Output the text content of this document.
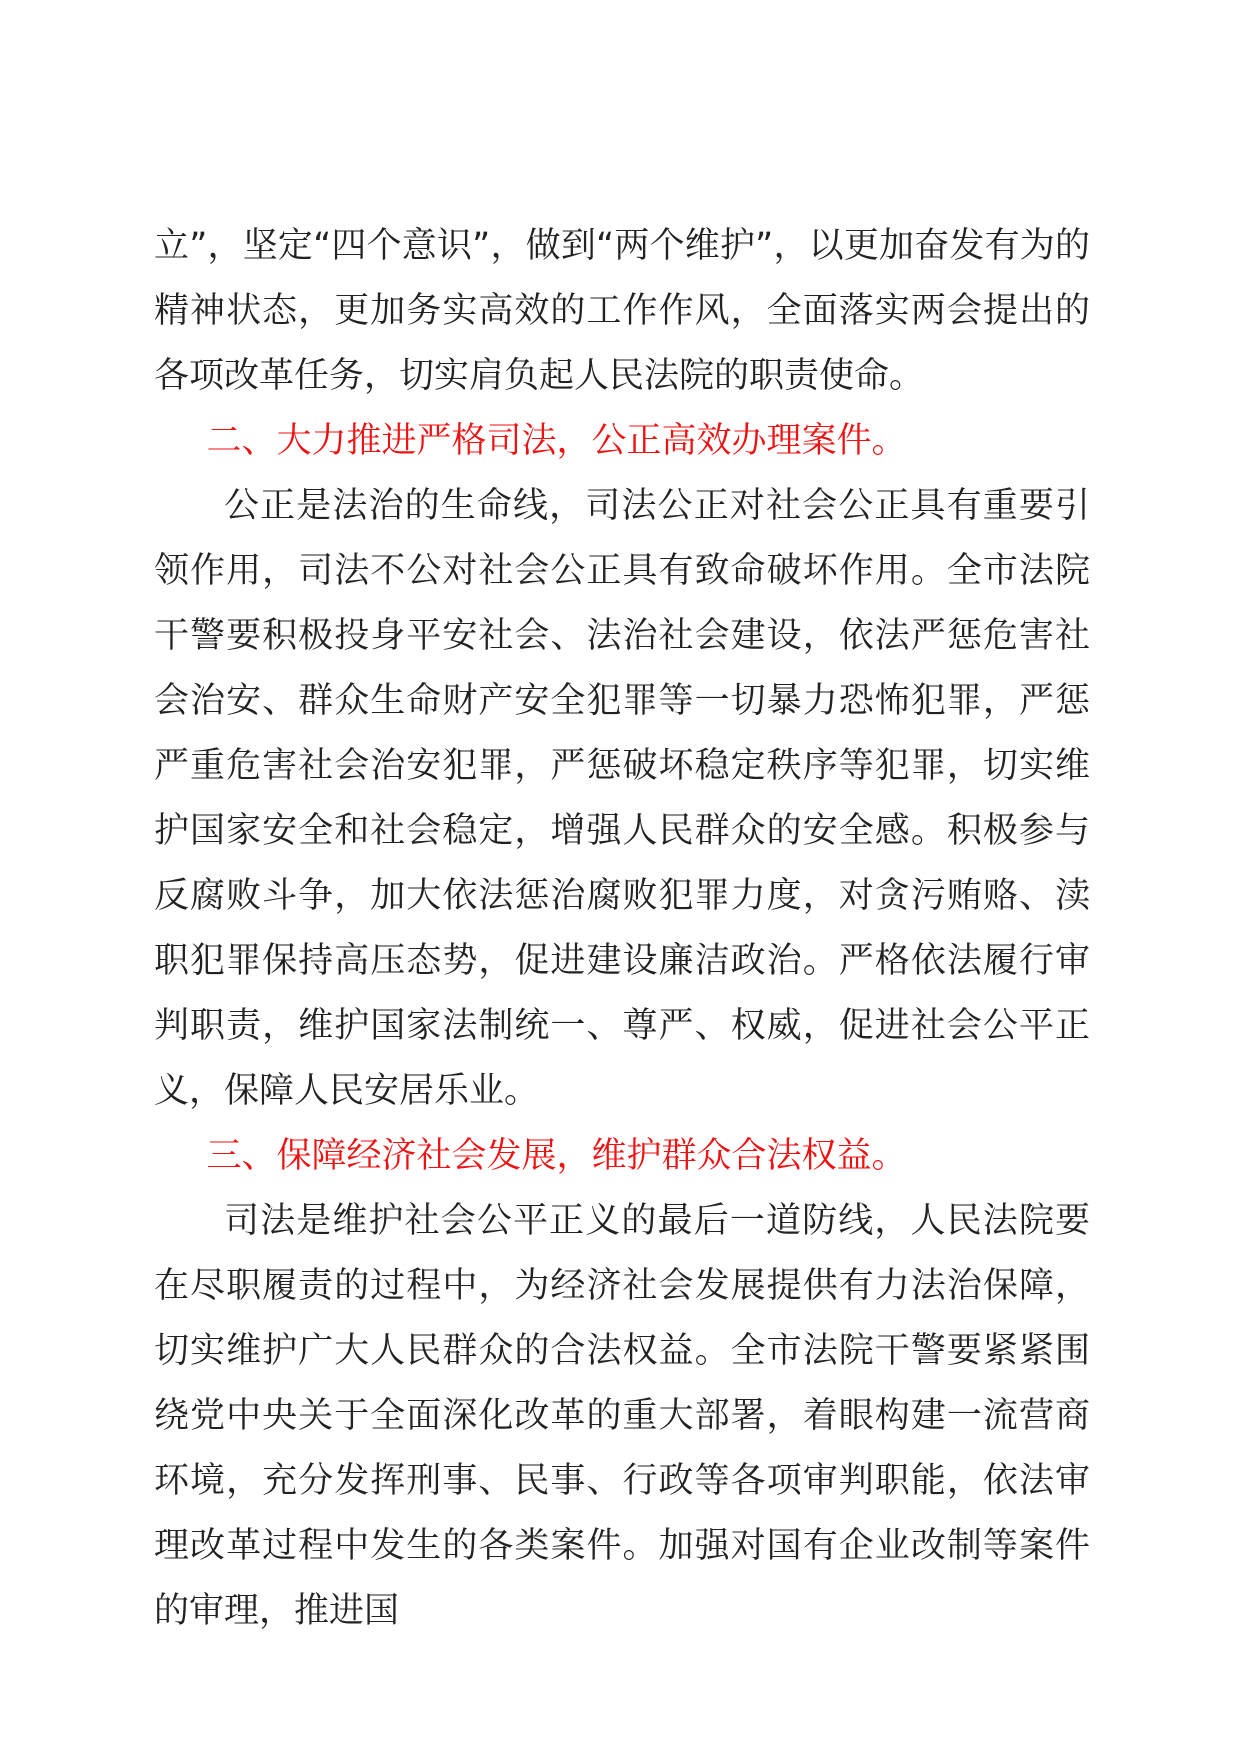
立”，坚定“四个意识”，做到“两个维护”，以更加奋发有为的精神状态，更加务实高效的工作作风，全面落实两会提出的各项改革任务，切实肩负起人民法院的职责使命。

二、大力推进严格司法，公正高效办理案件。

公正是法治的生命线，司法公正对社会公正具有重要引领作用，司法不公对社会公正具有致命破坏作用。全市法院干警要积极投身平安社会、法治社会建设，依法严惩危害社会治安、群众生命财产安全犯罪等一切暴力恐怖犯罪，严惩严重危害社会治安犯罪，严惩破坏稳定秩序等犯罪，切实维护国家安全和社会稳定，增强人民群众的安全感。积极参与反腐败斗争，加大依法惩治腐败犯罪力度，对贪污贿赂、渎职犯罪保持高压态势，促进建设廉洁政治。严格依法履行审判职责，维护国家法制统一、尊严、权威，促进社会公平正义，保障人民安居乐业。

三、保障经济社会发展，维护群众合法权益。

司法是维护社会公平正义的最后一道防线，人民法院要在尽职履责的过程中，为经济社会发展提供有力法治保障，切实维护广大人民群众的合法权益。全市法院干警要紧紧围绕党中央关于全面深化改革的重大部署，着眼构建一流营商环境，充分发挥刑事、民事、行政等各项审判职能，依法审理改革过程中发生的各类案件。加强对国有企业改制等案件的审理，推进国
